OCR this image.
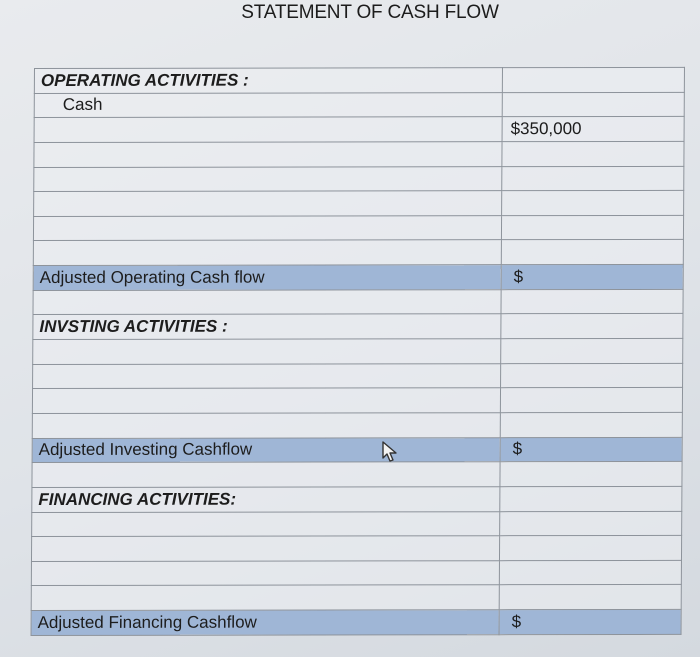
STATEMENT OF CASH FLOW
OPERATING ACTIVITIES :	
Cash	
	$350,000

Adjusted Operating Cash flow	$

INVSTING ACTIVITIES :	

Adjusted Investing Cashflow	$

FINANCING ACTIVITIES:	

Adjusted Financing Cashflow	$
